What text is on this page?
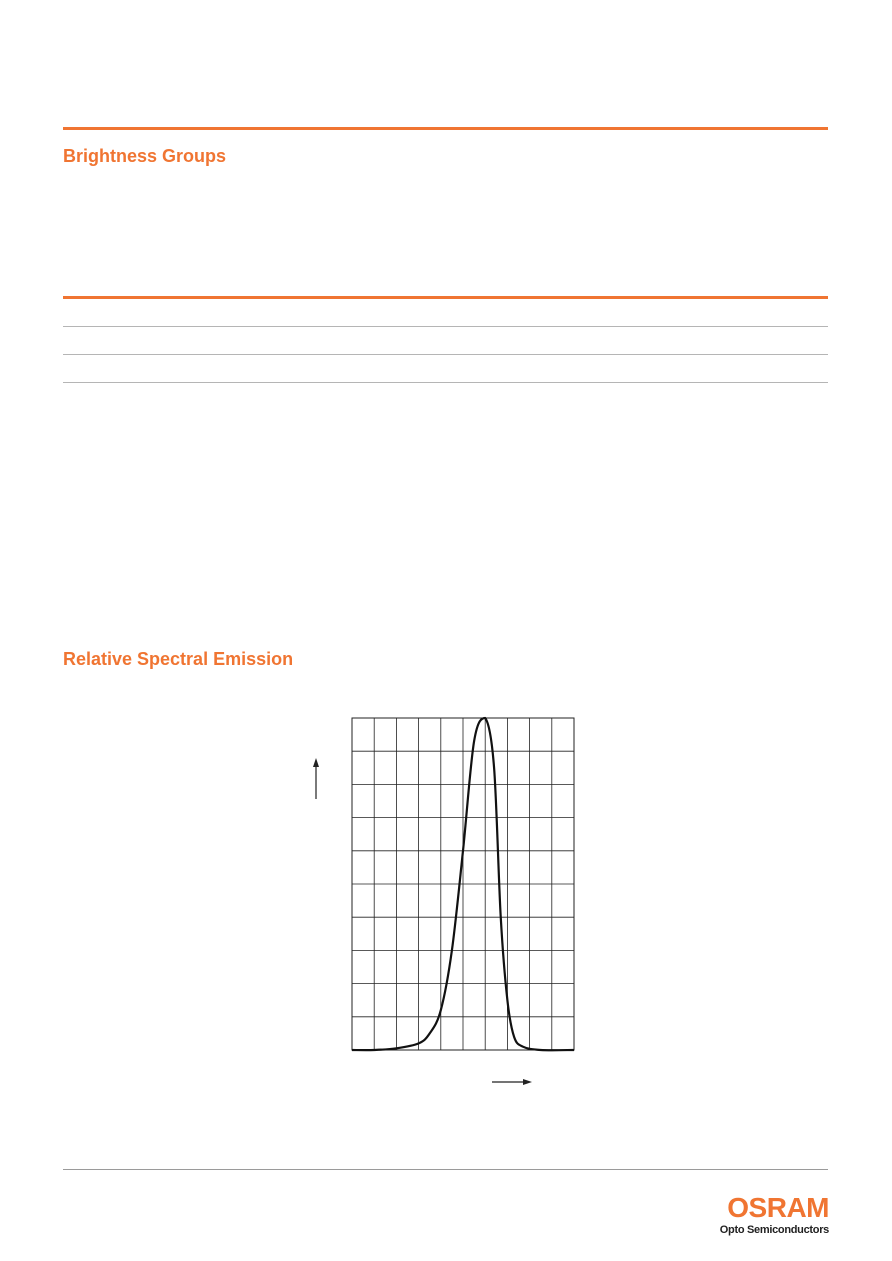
Brightness Groups
Relative Spectral Emission
OSRAM
Opto Semiconductors
